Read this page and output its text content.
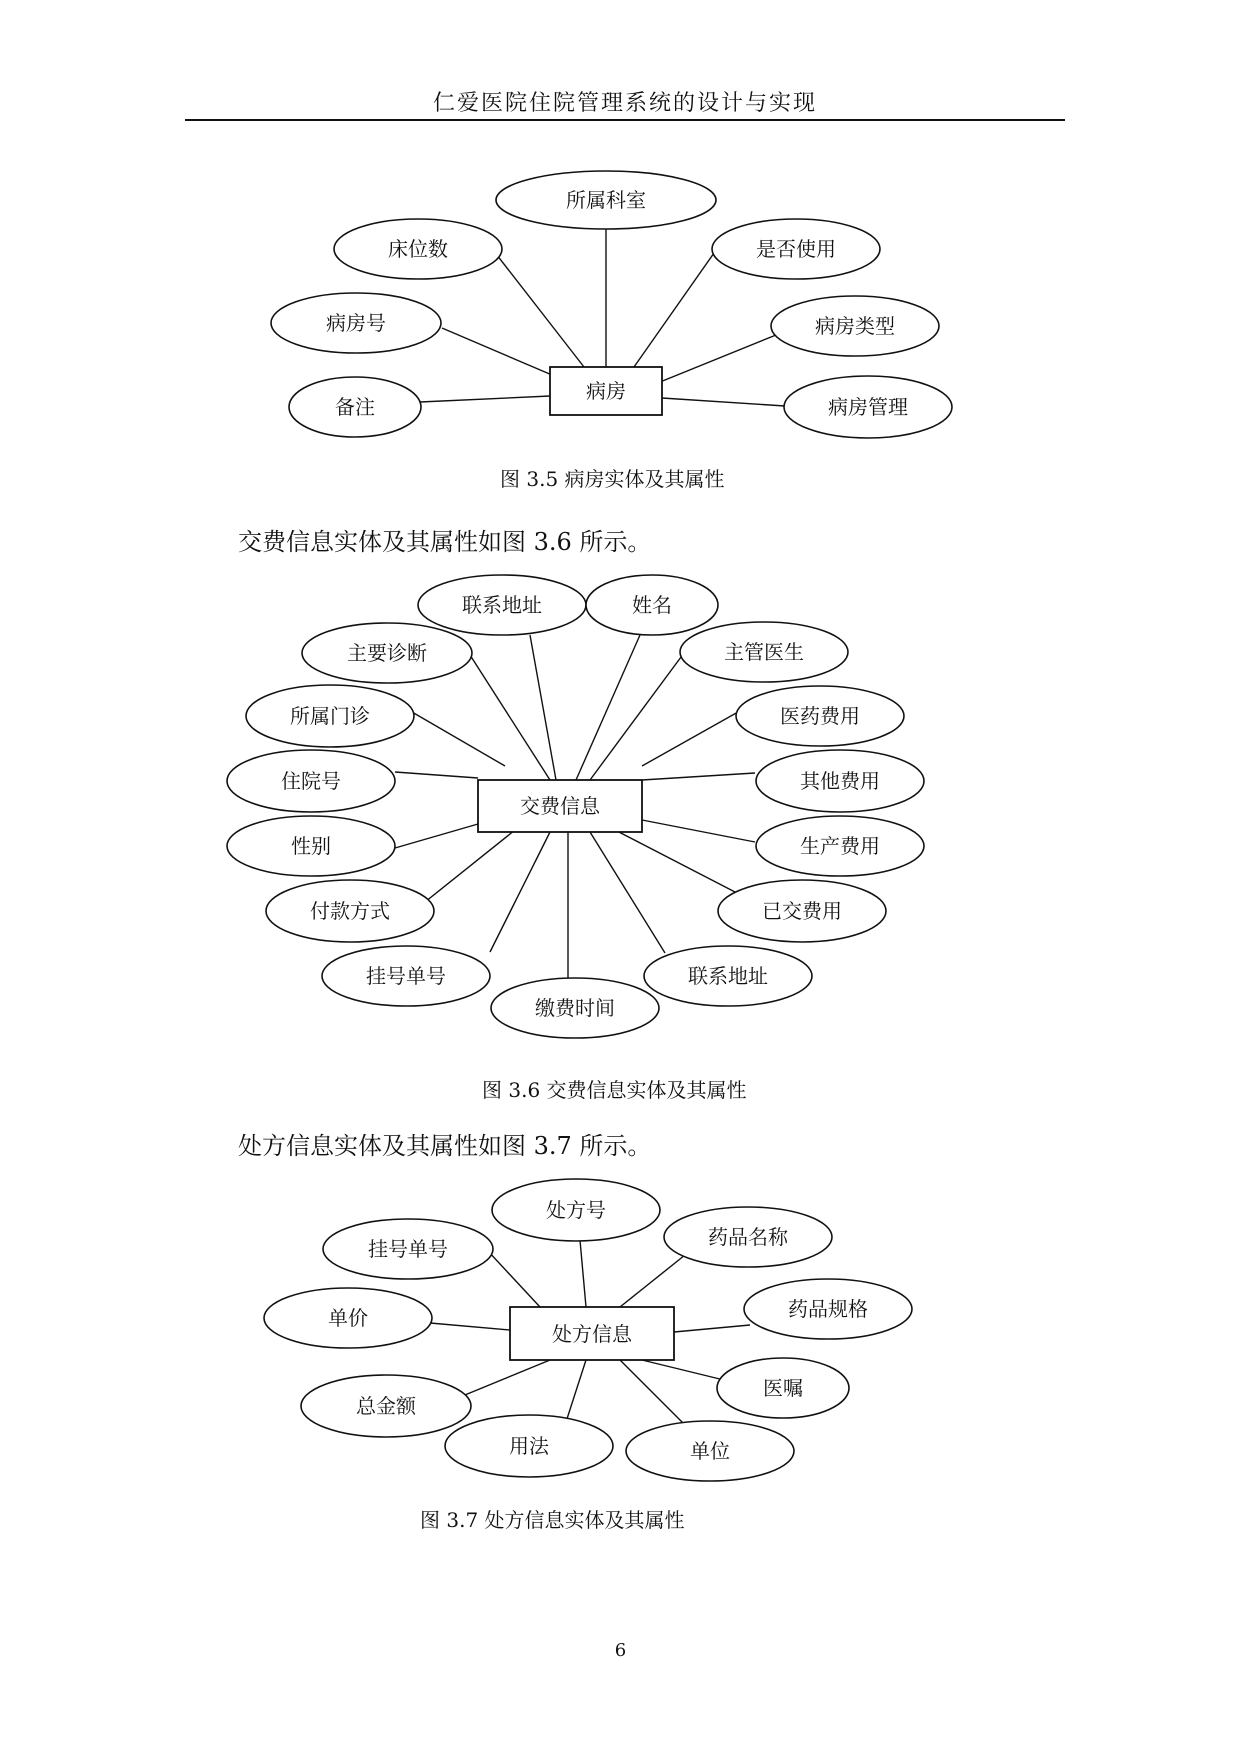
仁爱医院住院管理系统的设计与实现
所属科室
床位数	是否使用
病房号	病房类型
备注	病房管理
病房
图 3.5 病房实体及其属性
交费信息实体及其属性如图 3.6 所示。
联系地址	姓名
主要诊断	主管医生
所属门诊	医药费用
住院号	其他费用
性别	生产费用
付款方式	已交费用
挂号单号	联系地址
缴费时间
交费信息
图 3.6 交费信息实体及其属性
处方信息实体及其属性如图 3.7 所示。
处方号
挂号单号	药品名称
单价	药品规格
总金额
医嘱
用法	单位
处方信息
图 3.7 处方信息实体及其属性
6
